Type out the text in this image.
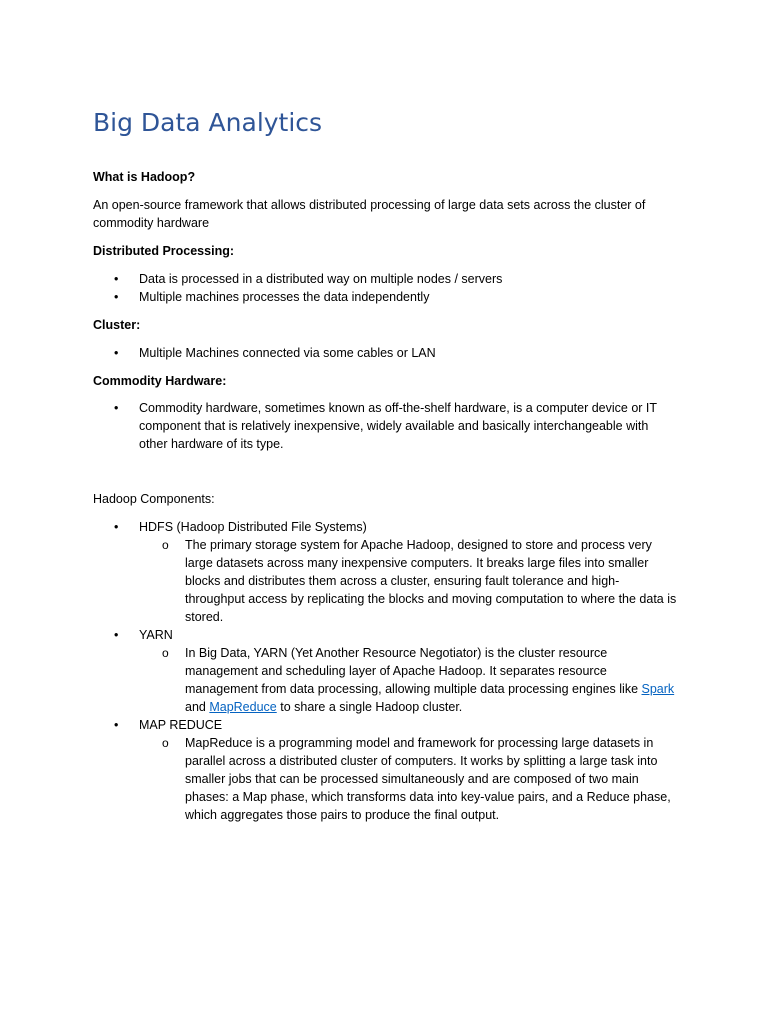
Big Data Analytics

What is Hadoop?

An open-source framework that allows distributed processing of large data sets across the cluster of commodity hardware

Distributed Processing:

• Data is processed in a distributed way on multiple nodes / servers
• Multiple machines processes the data independently

Cluster:

• Multiple Machines connected via some cables or LAN

Commodity Hardware:

• Commodity hardware, sometimes known as off-the-shelf hardware, is a computer device or IT component that is relatively inexpensive, widely available and basically interchangeable with other hardware of its type.

Hadoop Components:

• HDFS (Hadoop Distributed File Systems)
o The primary storage system for Apache Hadoop, designed to store and process very large datasets across many inexpensive computers. It breaks large files into smaller blocks and distributes them across a cluster, ensuring fault tolerance and high-throughput access by replicating the blocks and moving computation to where the data is stored.
• YARN
o In Big Data, YARN (Yet Another Resource Negotiator) is the cluster resource management and scheduling layer of Apache Hadoop. It separates resource management from data processing, allowing multiple data processing engines like Spark and MapReduce to share a single Hadoop cluster.
• MAP REDUCE
o MapReduce is a programming model and framework for processing large datasets in parallel across a distributed cluster of computers. It works by splitting a large task into smaller jobs that can be processed simultaneously and are composed of two main phases: a Map phase, which transforms data into key-value pairs, and a Reduce phase, which aggregates those pairs to produce the final output.
